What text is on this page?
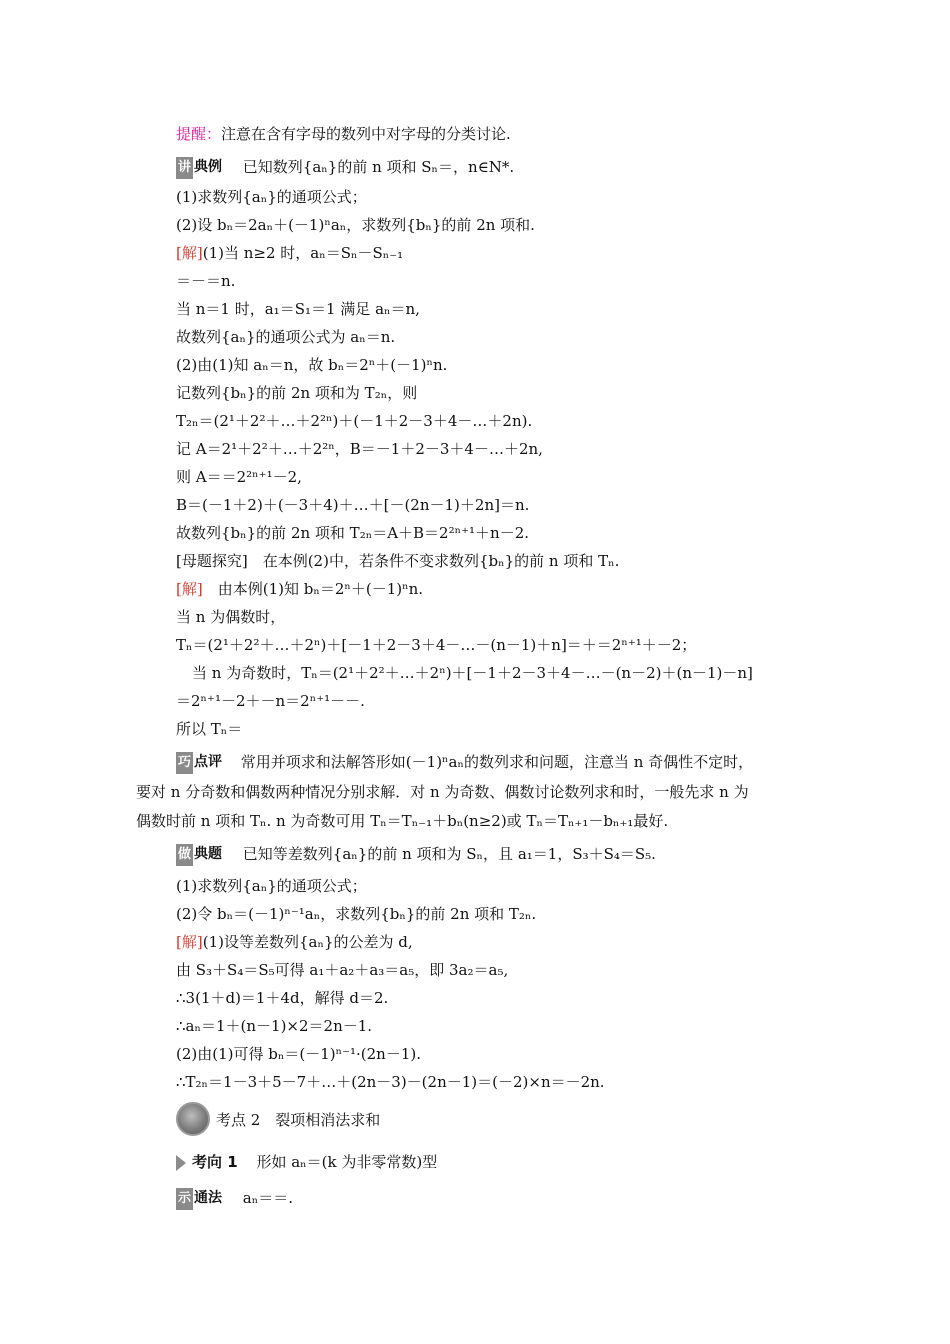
提醒：注意在含有字母的数列中对字母的分类讨论.
讲 典例 已知数列{aₙ}的前 n 项和 Sₙ＝，n∈N*.
(1)求数列{aₙ}的通项公式；
(2)设 bₙ＝2aₙ＋(－1)ⁿaₙ，求数列{bₙ}的前 2n 项和.
[解](1)当 n≥2 时，aₙ＝Sₙ－Sₙ₋₁
＝－＝n.
当 n＝1 时，a₁＝S₁＝1 满足 aₙ＝n,
故数列{aₙ}的通项公式为 aₙ＝n.
(2)由(1)知 aₙ＝n，故 bₙ＝2ⁿ＋(－1)ⁿn.
记数列{bₙ}的前 2n 项和为 T₂ₙ，则
T₂ₙ＝(2¹＋2²＋…＋2²ⁿ)＋(－1＋2－3＋4－…＋2n).
记 A＝2¹＋2²＋…＋2²ⁿ，B＝－1＋2－3＋4－…＋2n,
则 A＝＝2²ⁿ⁺¹－2,
B＝(－1＋2)＋(－3＋4)＋…＋[－(2n－1)＋2n]＝n.
故数列{bₙ}的前 2n 项和 T₂ₙ＝A＋B＝2²ⁿ⁺¹＋n－2.
[母题探究]　在本例(2)中，若条件不变求数列{bₙ}的前 n 项和 Tₙ.
[解]　由本例(1)知 bₙ＝2ⁿ＋(－1)ⁿn.
当 n 为偶数时，
Tₙ＝(2¹＋2²＋…＋2ⁿ)＋[－1＋2－3＋4－…－(n－1)＋n]＝＋＝2ⁿ⁺¹＋－2；
当 n 为奇数时，Tₙ＝(2¹＋2²＋…＋2ⁿ)＋[－1＋2－3＋4－…－(n－2)＋(n－1)－n]
＝2ⁿ⁺¹－2＋－n＝2ⁿ⁺¹－－.
所以 Tₙ＝
巧 点评 常用并项求和法解答形如(－1)ⁿaₙ的数列求和问题，注意当 n 奇偶性不定时，
要对 n 分奇数和偶数两种情况分别求解．对 n 为奇数、偶数讨论数列求和时，一般先求 n 为
偶数时前 n 项和 Tₙ. n 为奇数可用 Tₙ＝Tₙ₋₁＋bₙ(n≥2)或 Tₙ＝Tₙ₊₁－bₙ₊₁最好.
做 典题 已知等差数列{aₙ}的前 n 项和为 Sₙ，且 a₁＝1，S₃＋S₄＝S₅.
(1)求数列{aₙ}的通项公式；
(2)令 bₙ＝(－1)ⁿ⁻¹aₙ，求数列{bₙ}的前 2n 项和 T₂ₙ.
[解](1)设等差数列{aₙ}的公差为 d,
由 S₃＋S₄＝S₅可得 a₁＋a₂＋a₃＝a₅，即 3a₂＝a₅,
∴3(1＋d)＝1＋4d，解得 d＝2.
∴aₙ＝1＋(n－1)×2＝2n－1.
(2)由(1)可得 bₙ＝(－1)ⁿ⁻¹·(2n－1).
∴T₂ₙ＝1－3＋5－7＋…＋(2n－3)－(2n－1)＝(－2)×n＝－2n.
考点 2　裂项相消法求和
考向 1 形如 aₙ＝(k 为非零常数)型
示 通法 aₙ＝＝.
